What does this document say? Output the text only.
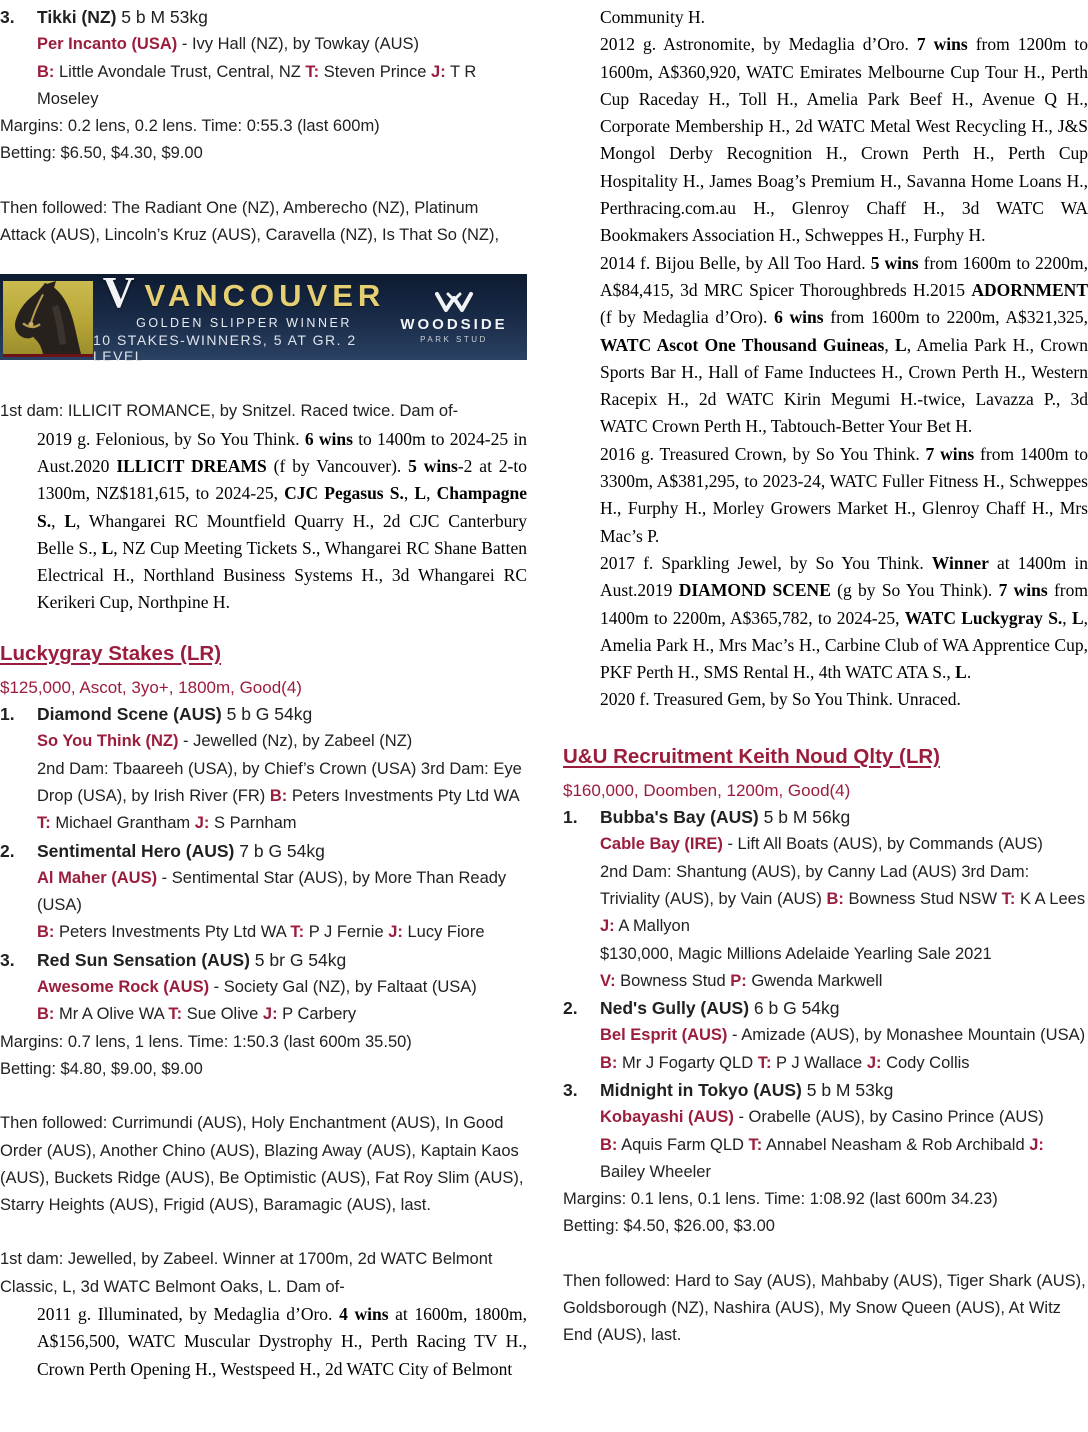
3. Tikki (NZ) 5 b M 53kg
Per Incanto (USA) - Ivy Hall (NZ), by Towkay (AUS)
B: Little Avondale Trust, Central, NZ T: Steven Prince J: T R Moseley
Margins: 0.2 lens, 0.2 lens. Time: 0:55.3 (last 600m)
Betting: $6.50, $4.30, $9.00
Then followed: The Radiant One (NZ), Amberecho (NZ), Platinum Attack (AUS), Lincoln’s Kruz (AUS), Caravella (NZ), Is That So (NZ),
V VANCOUVER
GOLDEN SLIPPER WINNER
10 STAKES-WINNERS, 5 AT GR. 2 LEVEL
WOODSIDE
PARK STUD
1st dam: ILLICIT ROMANCE, by Snitzel. Raced twice. Dam of-
2019 g. Felonious, by So You Think. 6 wins to 1400m to 2024-25 in Aust.2020 ILLICIT DREAMS (f by Vancouver). 5 wins-2 at 2-to 1300m, NZ$181,615, to 2024-25, CJC Pegasus S., L, Champagne S., L, Whangarei RC Mountfield Quarry H., 2d CJC Canterbury Belle S., L, NZ Cup Meeting Tickets S., Whangarei RC Shane Batten Electrical H., Northland Business Systems H., 3d Whangarei RC Kerikeri Cup, Northpine H.
Luckygray Stakes (LR)
$125,000, Ascot, 3yo+, 1800m, Good(4)
1. Diamond Scene (AUS) 5 b G 54kg
So You Think (NZ) - Jewelled (Nz), by Zabeel (NZ)
2nd Dam: Tbaareeh (USA), by Chief’s Crown (USA) 3rd Dam: Eye Drop (USA), by Irish River (FR) B: Peters Investments Pty Ltd WA T: Michael Grantham J: S Parnham
2. Sentimental Hero (AUS) 7 b G 54kg
Al Maher (AUS) - Sentimental Star (AUS), by More Than Ready (USA)
B: Peters Investments Pty Ltd WA T: P J Fernie J: Lucy Fiore
3. Red Sun Sensation (AUS) 5 br G 54kg
Awesome Rock (AUS) - Society Gal (NZ), by Faltaat (USA)
B: Mr A Olive WA T: Sue Olive J: P Carbery
Margins: 0.7 lens, 1 lens. Time: 1:50.3 (last 600m 35.50)
Betting: $4.80, $9.00, $9.00
Then followed: Currimundi (AUS), Holy Enchantment (AUS), In Good Order (AUS), Another Chino (AUS), Blazing Away (AUS), Kaptain Kaos (AUS), Buckets Ridge (AUS), Be Optimistic (AUS), Fat Roy Slim (AUS), Starry Heights (AUS), Frigid (AUS), Baramagic (AUS), last.
1st dam: Jewelled, by Zabeel. Winner at 1700m, 2d WATC Belmont Classic, L, 3d WATC Belmont Oaks, L. Dam of-
2011 g. Illuminated, by Medaglia d’Oro. 4 wins at 1600m, 1800m, A$156,500, WATC Muscular Dystrophy H., Perth Racing TV H., Crown Perth Opening H., Westspeed H., 2d WATC City of Belmont
Community H.
2012 g. Astronomite, by Medaglia d’Oro. 7 wins from 1200m to 1600m, A$360,920, WATC Emirates Melbourne Cup Tour H., Perth Cup Raceday H., Toll H., Amelia Park Beef H., Avenue Q H., Corporate Membership H., 2d WATC Metal West Recycling H., J&S Mongol Derby Recognition H., Crown Perth H., Perth Cup Hospitality H., James Boag’s Premium H., Savanna Home Loans H., Perthracing.com.au H., Glenroy Chaff H., 3d WATC WA Bookmakers Association H., Schweppes H., Furphy H.
2014 f. Bijou Belle, by All Too Hard. 5 wins from 1600m to 2200m, A$84,415, 3d MRC Spicer Thoroughbreds H.2015 ADORNMENT (f by Medaglia d’Oro). 6 wins from 1600m to 2200m, A$321,325, WATC Ascot One Thousand Guineas, L, Amelia Park H., Crown Sports Bar H., Hall of Fame Inductees H., Crown Perth H., Western Racepix H., 2d WATC Kirin Megumi H.-twice, Lavazza P., 3d WATC Crown Perth H., Tabtouch-Better Your Bet H.
2016 g. Treasured Crown, by So You Think. 7 wins from 1400m to 3300m, A$381,295, to 2023-24, WATC Fuller Fitness H., Schweppes H., Furphy H., Morley Growers Market H., Glenroy Chaff H., Mrs Mac’s P.
2017 f. Sparkling Jewel, by So You Think. Winner at 1400m in Aust.2019 DIAMOND SCENE (g by So You Think). 7 wins from 1400m to 2200m, A$365,782, to 2024-25, WATC Luckygray S., L, Amelia Park H., Mrs Mac’s H., Carbine Club of WA Apprentice Cup, PKF Perth H., SMS Rental H., 4th WATC ATA S., L.
2020 f. Treasured Gem, by So You Think. Unraced.
U&U Recruitment Keith Noud Qlty (LR)
$160,000, Doomben, 1200m, Good(4)
1. Bubba's Bay (AUS) 5 b M 56kg
Cable Bay (IRE) - Lift All Boats (AUS), by Commands (AUS)
2nd Dam: Shantung (AUS), by Canny Lad (AUS) 3rd Dam: Triviality (AUS), by Vain (AUS) B: Bowness Stud NSW T: K A Lees J: A Mallyon
$130,000, Magic Millions Adelaide Yearling Sale 2021
V: Bowness Stud P: Gwenda Markwell
2. Ned's Gully (AUS) 6 b G 54kg
Bel Esprit (AUS) - Amizade (AUS), by Monashee Mountain (USA)
B: Mr J Fogarty QLD T: P J Wallace J: Cody Collis
3. Midnight in Tokyo (AUS) 5 b M 53kg
Kobayashi (AUS) - Orabelle (AUS), by Casino Prince (AUS)
B: Aquis Farm QLD T: Annabel Neasham & Rob Archibald J: Bailey Wheeler
Margins: 0.1 lens, 0.1 lens. Time: 1:08.92 (last 600m 34.23)
Betting: $4.50, $26.00, $3.00
Then followed: Hard to Say (AUS), Mahbaby (AUS), Tiger Shark (AUS), Goldsborough (NZ), Nashira (AUS), My Snow Queen (AUS), At Witz End (AUS), last.
